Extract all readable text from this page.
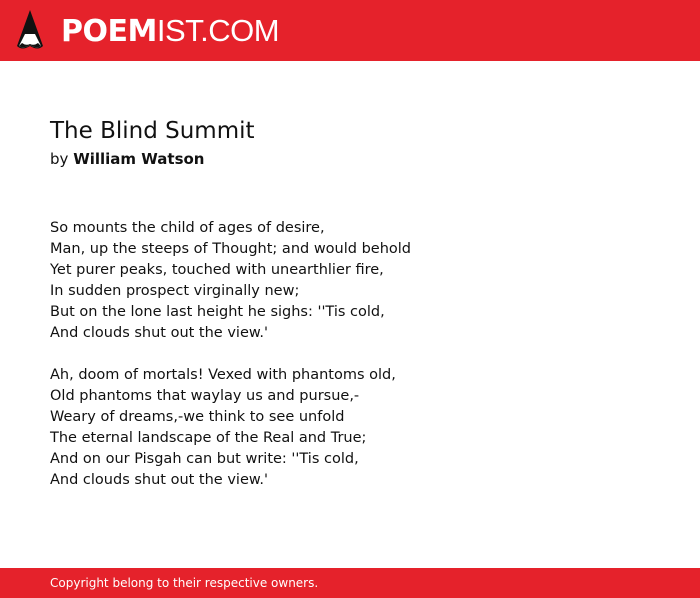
POEMIST.COM
The Blind Summit
by William Watson
So mounts the child of ages of desire,
Man, up the steeps of Thought; and would behold
Yet purer peaks, touched with unearthlier fire,
In sudden prospect virginally new;
But on the lone last height he sighs: ''Tis cold,
And clouds shut out the view.'
Ah, doom of mortals! Vexed with phantoms old,
Old phantoms that waylay us and pursue,-
Weary of dreams,-we think to see unfold
The eternal landscape of the Real and True;
And on our Pisgah can but write: ''Tis cold,
And clouds shut out the view.'
Copyright belong to their respective owners.
